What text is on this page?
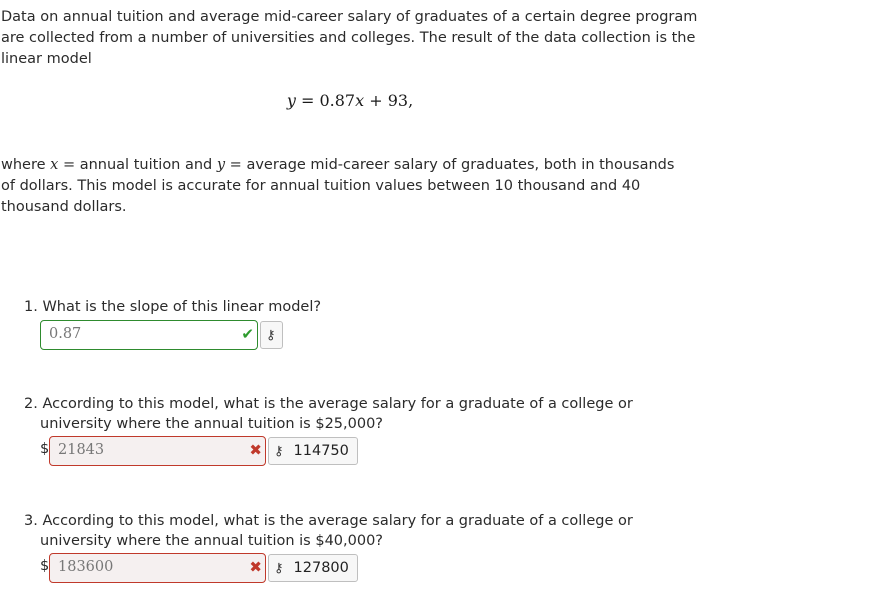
Data on annual tuition and average mid-career salary of graduates of a certain degree program are collected from a number of universities and colleges. The result of the data collection is the linear model

y = 0.87x + 93,

where x = annual tuition and y = average mid-career salary of graduates, both in thousands of dollars. This model is accurate for annual tuition values between 10 thousand and 40 thousand dollars.

1. What is the slope of this linear model?
0.87	✔ ⚷
2. According to this model, what is the average salary for a graduate of a college or university where the annual tuition is $25,000?
$ 21843	✖ ⚷ 114750
3. According to this model, what is the average salary for a graduate of a college or university where the annual tuition is $40,000?
$ 183600	✖ ⚷ 127800
